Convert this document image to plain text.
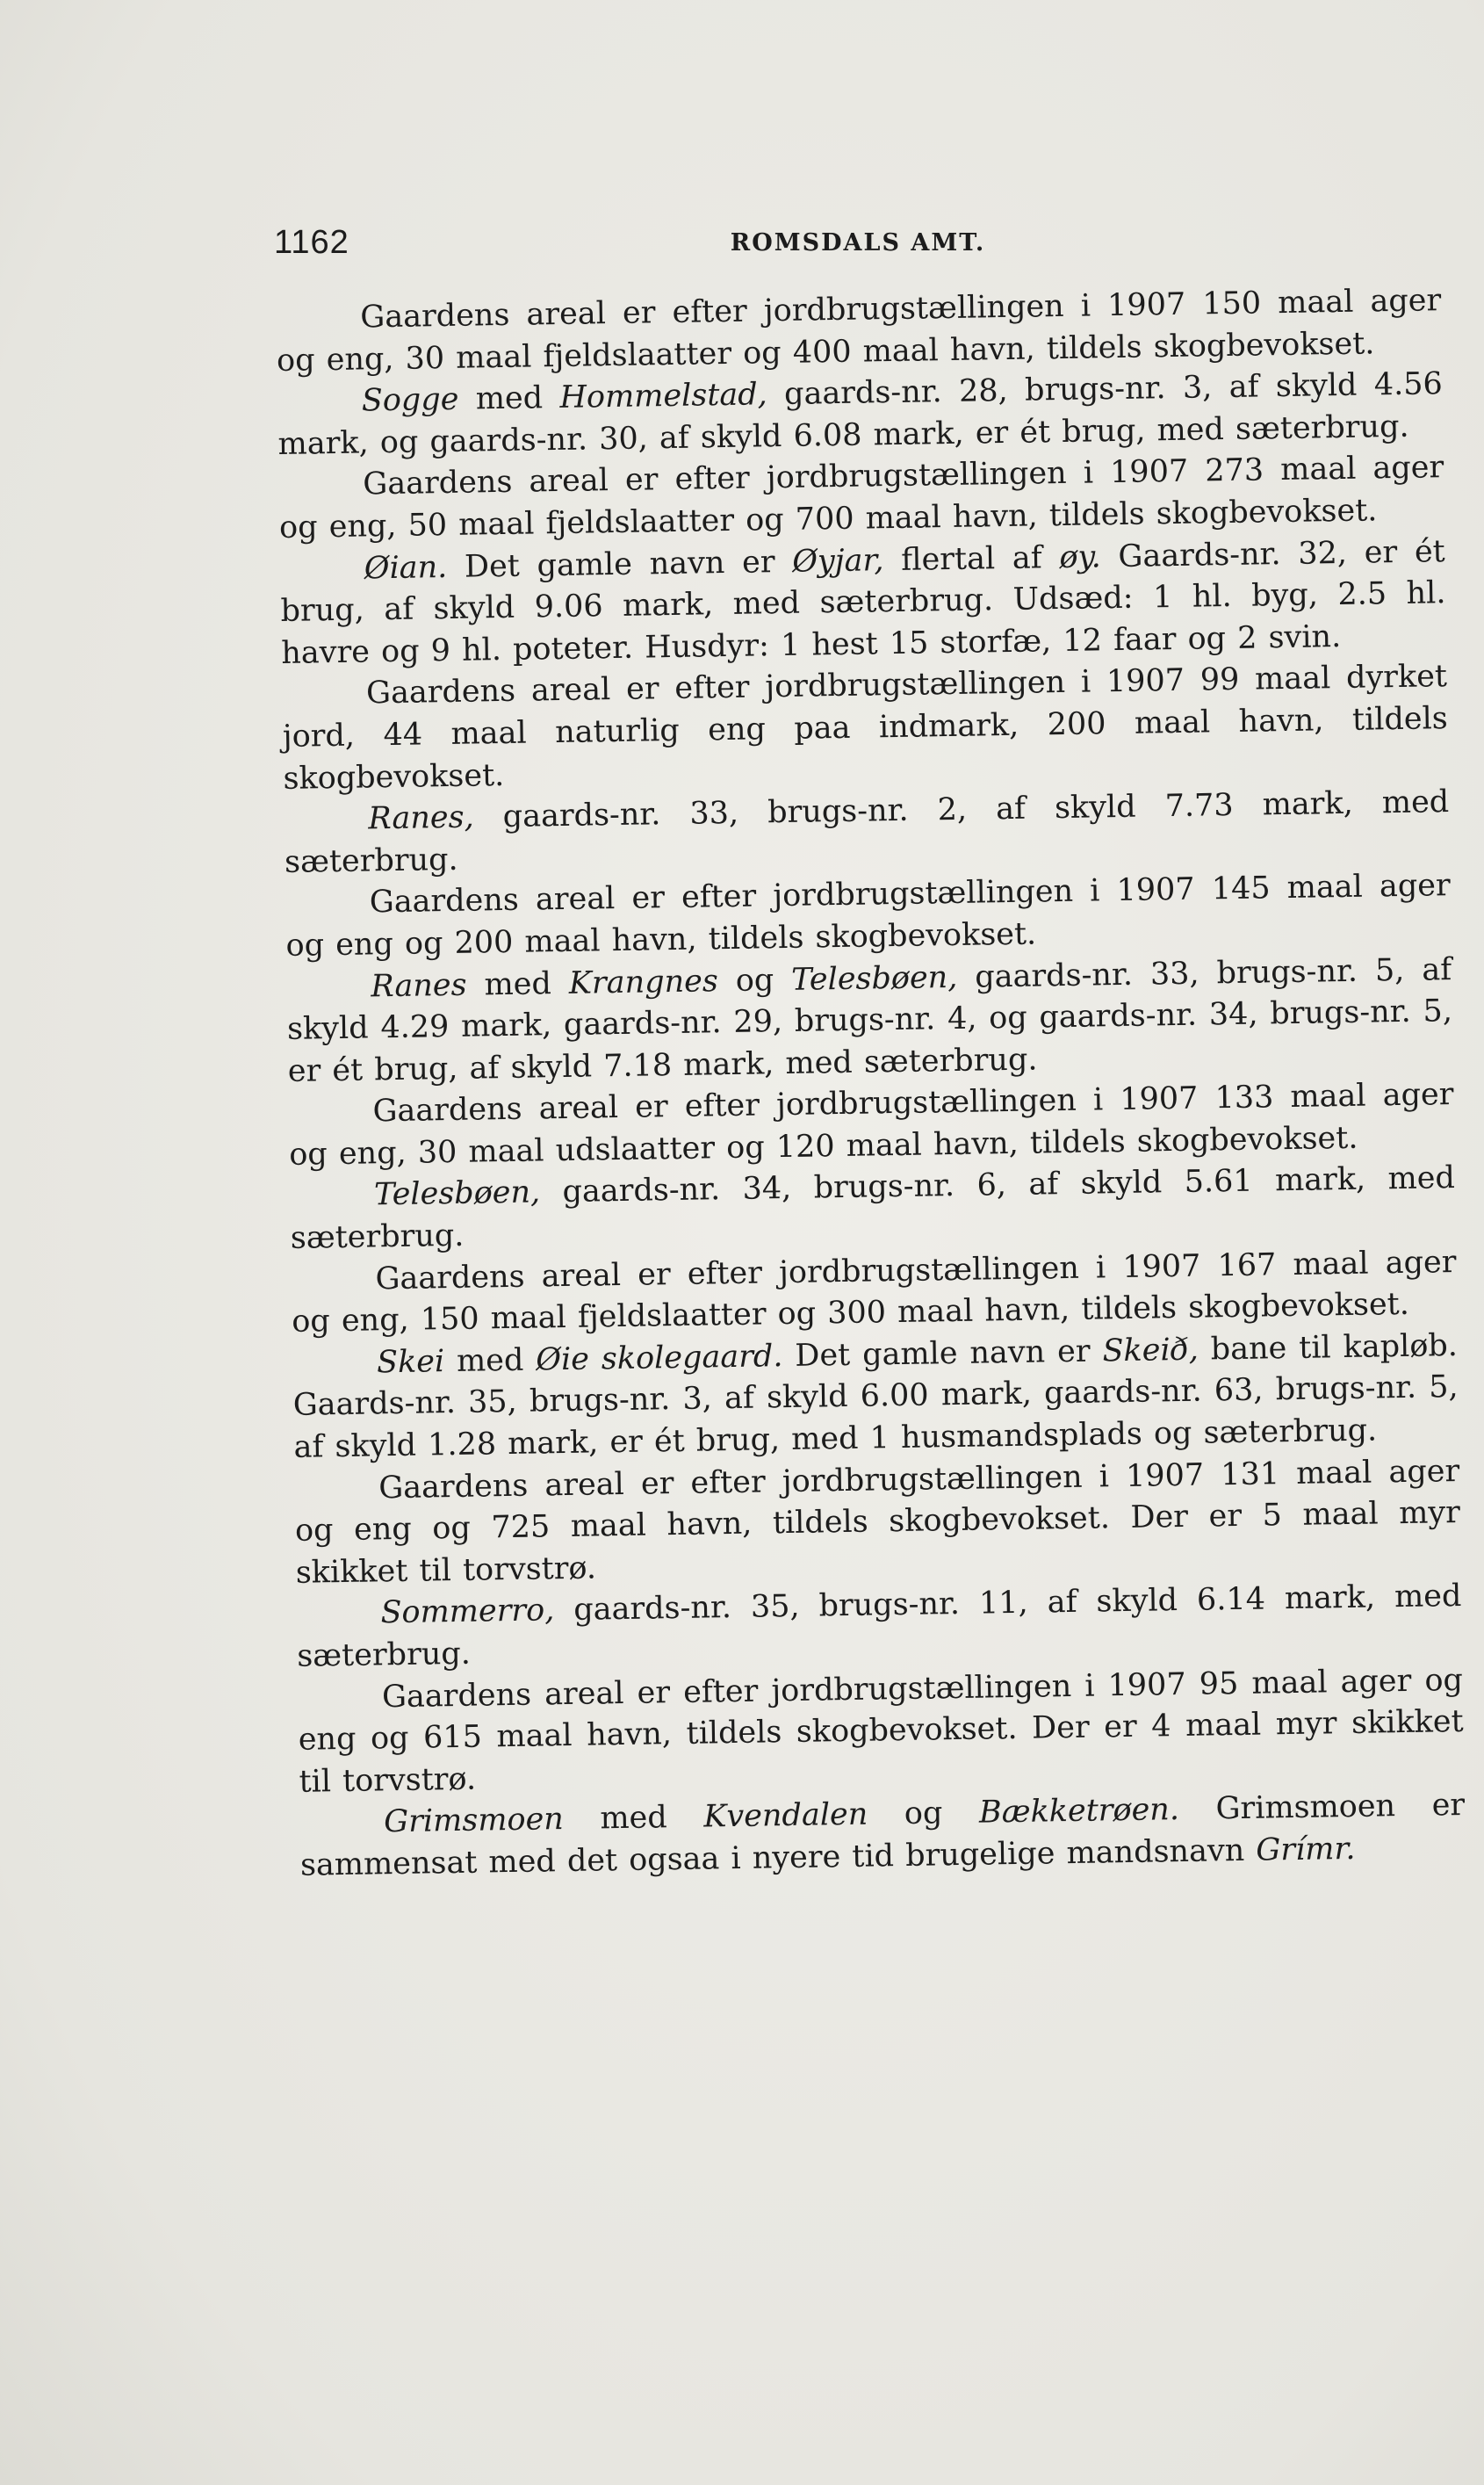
1162	ROMSDALS AMT.

Gaardens areal er efter jordbrugstællingen i 1907 150 maal ager og eng, 30 maal fjeldslaatter og 400 maal havn, tildels skogbevokset.

Sogge med Hommelstad, gaards-nr. 28, brugs-nr. 3, af skyld 4.56 mark, og gaards-nr. 30, af skyld 6.08 mark, er ét brug, med sæterbrug.

Gaardens areal er efter jordbrugstællingen i 1907 273 maal ager og eng, 50 maal fjeldslaatter og 700 maal havn, tildels skogbevokset.

Øian. Det gamle navn er Øyjar, flertal af øy. Gaards-nr. 32, er ét brug, af skyld 9.06 mark, med sæterbrug. Udsæd: 1 hl. byg, 2.5 hl. havre og 9 hl. poteter. Husdyr: 1 hest 15 storfæ, 12 faar og 2 svin.

Gaardens areal er efter jordbrugstællingen i 1907 99 maal dyrket jord, 44 maal naturlig eng paa indmark, 200 maal havn, tildels skogbevokset.

Ranes, gaards-nr. 33, brugs-nr. 2, af skyld 7.73 mark, med sæterbrug.

Gaardens areal er efter jordbrugstællingen i 1907 145 maal ager og eng og 200 maal havn, tildels skogbevokset.

Ranes med Krangnes og Telesbøen, gaards-nr. 33, brugs-nr. 5, af skyld 4.29 mark, gaards-nr. 29, brugs-nr. 4, og gaards-nr. 34, brugs-nr. 5, er ét brug, af skyld 7.18 mark, med sæterbrug.

Gaardens areal er efter jordbrugstællingen i 1907 133 maal ager og eng, 30 maal udslaatter og 120 maal havn, tildels skogbevokset.

Telesbøen, gaards-nr. 34, brugs-nr. 6, af skyld 5.61 mark, med sæterbrug.

Gaardens areal er efter jordbrugstællingen i 1907 167 maal ager og eng, 150 maal fjeldslaatter og 300 maal havn, tildels skogbevokset.

Skei med Øie skolegaard. Det gamle navn er Skeið, bane til kapløb. Gaards-nr. 35, brugs-nr. 3, af skyld 6.00 mark, gaards-nr. 63, brugs-nr. 5, af skyld 1.28 mark, er ét brug, med 1 husmandsplads og sæterbrug.

Gaardens areal er efter jordbrugstællingen i 1907 131 maal ager og eng og 725 maal havn, tildels skogbevokset. Der er 5 maal myr skikket til torvstrø.

Sommerro, gaards-nr. 35, brugs-nr. 11, af skyld 6.14 mark, med sæterbrug.

Gaardens areal er efter jordbrugstællingen i 1907 95 maal ager og eng og 615 maal havn, tildels skogbevokset. Der er 4 maal myr skikket til torvstrø.

Grimsmoen med Kvendalen og Bækketrøen. Grimsmoen er sammensat med det ogsaa i nyere tid brugelige mandsnavn Grímr.
